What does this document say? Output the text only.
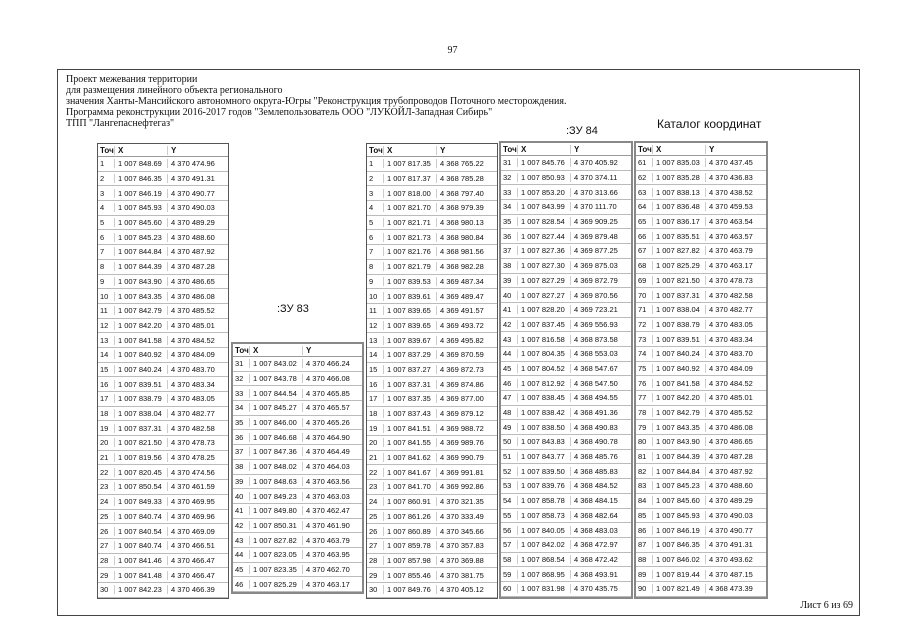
97
Проект межевания территории
для размещения линейного объекта регионального
значения Ханты-Мансийского автономного округа-Югры "Реконструкция трубопроводов Поточного месторождения.
Программа реконструкции 2016-2017 годов "Землепользователь ООО "ЛУКОЙЛ-Западная Сибирь"
ТПП "Лангепаснефтегаз"
:ЗУ 84	Каталог координат
:ЗУ 83
Точ X	Y
1	1 007 848.69	4 370 474.96
2	1 007 846.35	4 370 491.31
3	1 007 846.19	4 370 490.77
4	1 007 845.93	4 370 490.03
5	1 007 845.60	4 370 489.29
6	1 007 845.23	4 370 488.60
7	1 007 844.84	4 370 487.92
8	1 007 844.39	4 370 487.28
9	1 007 843.90	4 370 486.65
10	1 007 843.35	4 370 486.08
11	1 007 842.79	4 370 485.52
12	1 007 842.20	4 370 485.01
13	1 007 841.58	4 370 484.52
14	1 007 840.92	4 370 484.09
15	1 007 840.24	4 370 483.70
16	1 007 839.51	4 370 483.34
17	1 007 838.79	4 370 483.05
18	1 007 838.04	4 370 482.77
19	1 007 837.31	4 370 482.58
20	1 007 821.50	4 370 478.73
21	1 007 819.56	4 370 478.25
22	1 007 820.45	4 370 474.56
23	1 007 850.54	4 370 461.59
24	1 007 849.33	4 370 469.95
25	1 007 840.74	4 370 469.96
26	1 007 840.54	4 370 469.09
27	1 007 840.74	4 370 466.51
28	1 007 841.46	4 370 466.47
29	1 007 841.48	4 370 466.47
30	1 007 842.23	4 370 466.39
Точ X	Y
31	1 007 843.02	4 370 466.24
32	1 007 843.78	4 370 466.08
33	1 007 844.54	4 370 465.85
34	1 007 845.27	4 370 465.57
35	1 007 846.00	4 370 465.26
36	1 007 846.68	4 370 464.90
37	1 007 847.36	4 370 464.49
38	1 007 848.02	4 370 464.03
39	1 007 848.63	4 370 463.56
40	1 007 849.23	4 370 463.03
41	1 007 849.80	4 370 462.47
42	1 007 850.31	4 370 461.90
43	1 007 827.82	4 370 463.79
44	1 007 823.05	4 370 463.95
45	1 007 823.35	4 370 462.70
46	1 007 825.29	4 370 463.17
Точ X	Y
1	1 007 817.35	4 368 765.22
2	1 007 817.37	4 368 785.28
3	1 007 818.00	4 368 797.40
4	1 007 821.70	4 368 979.39
5	1 007 821.71	4 368 980.13
6	1 007 821.73	4 368 980.84
7	1 007 821.76	4 368 981.56
8	1 007 821.79	4 368 982.28
9	1 007 839.53	4 369 487.34
10	1 007 839.61	4 369 489.47
11	1 007 839.65	4 369 491.57
12	1 007 839.65	4 369 493.72
13	1 007 839.67	4 369 495.82
14	1 007 837.29	4 369 870.59
15	1 007 837.27	4 369 872.73
16	1 007 837.31	4 369 874.86
17	1 007 837.35	4 369 877.00
18	1 007 837.43	4 369 879.12
19	1 007 841.51	4 369 988.72
20	1 007 841.55	4 369 989.76
21	1 007 841.62	4 369 990.79
22	1 007 841.67	4 369 991.81
23	1 007 841.70	4 369 992.86
24	1 007 860.91	4 370 321.35
25	1 007 861.26	4 370 333.49
26	1 007 860.89	4 370 345.66
27	1 007 859.78	4 370 357.83
28	1 007 857.98	4 370 369.88
29	1 007 855.46	4 370 381.75
30	1 007 849.76	4 370 405.12
Точ X	Y
31	1 007 845.76	4 370 405.92
32	1 007 850.93	4 370 374.11
33	1 007 853.20	4 370 313.66
34	1 007 843.99	4 370 111.70
35	1 007 828.54	4 369 909.25
36	1 007 827.44	4 369 879.48
37	1 007 827.36	4 369 877.25
38	1 007 827.30	4 369 875.03
39	1 007 827.29	4 369 872.79
40	1 007 827.27	4 369 870.56
41	1 007 828.20	4 369 723.21
42	1 007 837.45	4 369 556.93
43	1 007 816.58	4 368 873.58
44	1 007 804.35	4 368 553.03
45	1 007 804.52	4 368 547.67
46	1 007 812.92	4 368 547.50
47	1 007 838.45	4 368 494.55
48	1 007 838.42	4 368 491.36
49	1 007 838.50	4 368 490.83
50	1 007 843.83	4 368 490.78
51	1 007 843.77	4 368 485.76
52	1 007 839.50	4 368 485.83
53	1 007 839.76	4 368 484.52
54	1 007 858.78	4 368 484.15
55	1 007 858.73	4 368 482.64
56	1 007 840.05	4 368 483.03
57	1 007 842.02	4 368 472.97
58	1 007 868.54	4 368 472.42
59	1 007 868.95	4 368 493.91
60	1 007 831.98	4 370 435.75
Точ X	Y
61	1 007 835.03	4 370 437.45
62	1 007 835.28	4 370 436.83
63	1 007 838.13	4 370 438.52
64	1 007 836.48	4 370 459.53
65	1 007 836.17	4 370 463.54
66	1 007 835.51	4 370 463.57
67	1 007 827.82	4 370 463.79
68	1 007 825.29	4 370 463.17
69	1 007 821.50	4 370 478.73
70	1 007 837.31	4 370 482.58
71	1 007 838.04	4 370 482.77
72	1 007 838.79	4 370 483.05
73	1 007 839.51	4 370 483.34
74	1 007 840.24	4 370 483.70
75	1 007 840.92	4 370 484.09
76	1 007 841.58	4 370 484.52
77	1 007 842.20	4 370 485.01
78	1 007 842.79	4 370 485.52
79	1 007 843.35	4 370 486.08
80	1 007 843.90	4 370 486.65
81	1 007 844.39	4 370 487.28
82	1 007 844.84	4 370 487.92
83	1 007 845.23	4 370 488.60
84	1 007 845.60	4 370 489.29
85	1 007 845.93	4 370 490.03
86	1 007 846.19	4 370 490.77
87	1 007 846.35	4 370 491.31
88	1 007 846.02	4 370 493.62
89	1 007 819.44	4 370 487.15
90	1 007 821.49	4 368 473.39
Лист 6 из 69
